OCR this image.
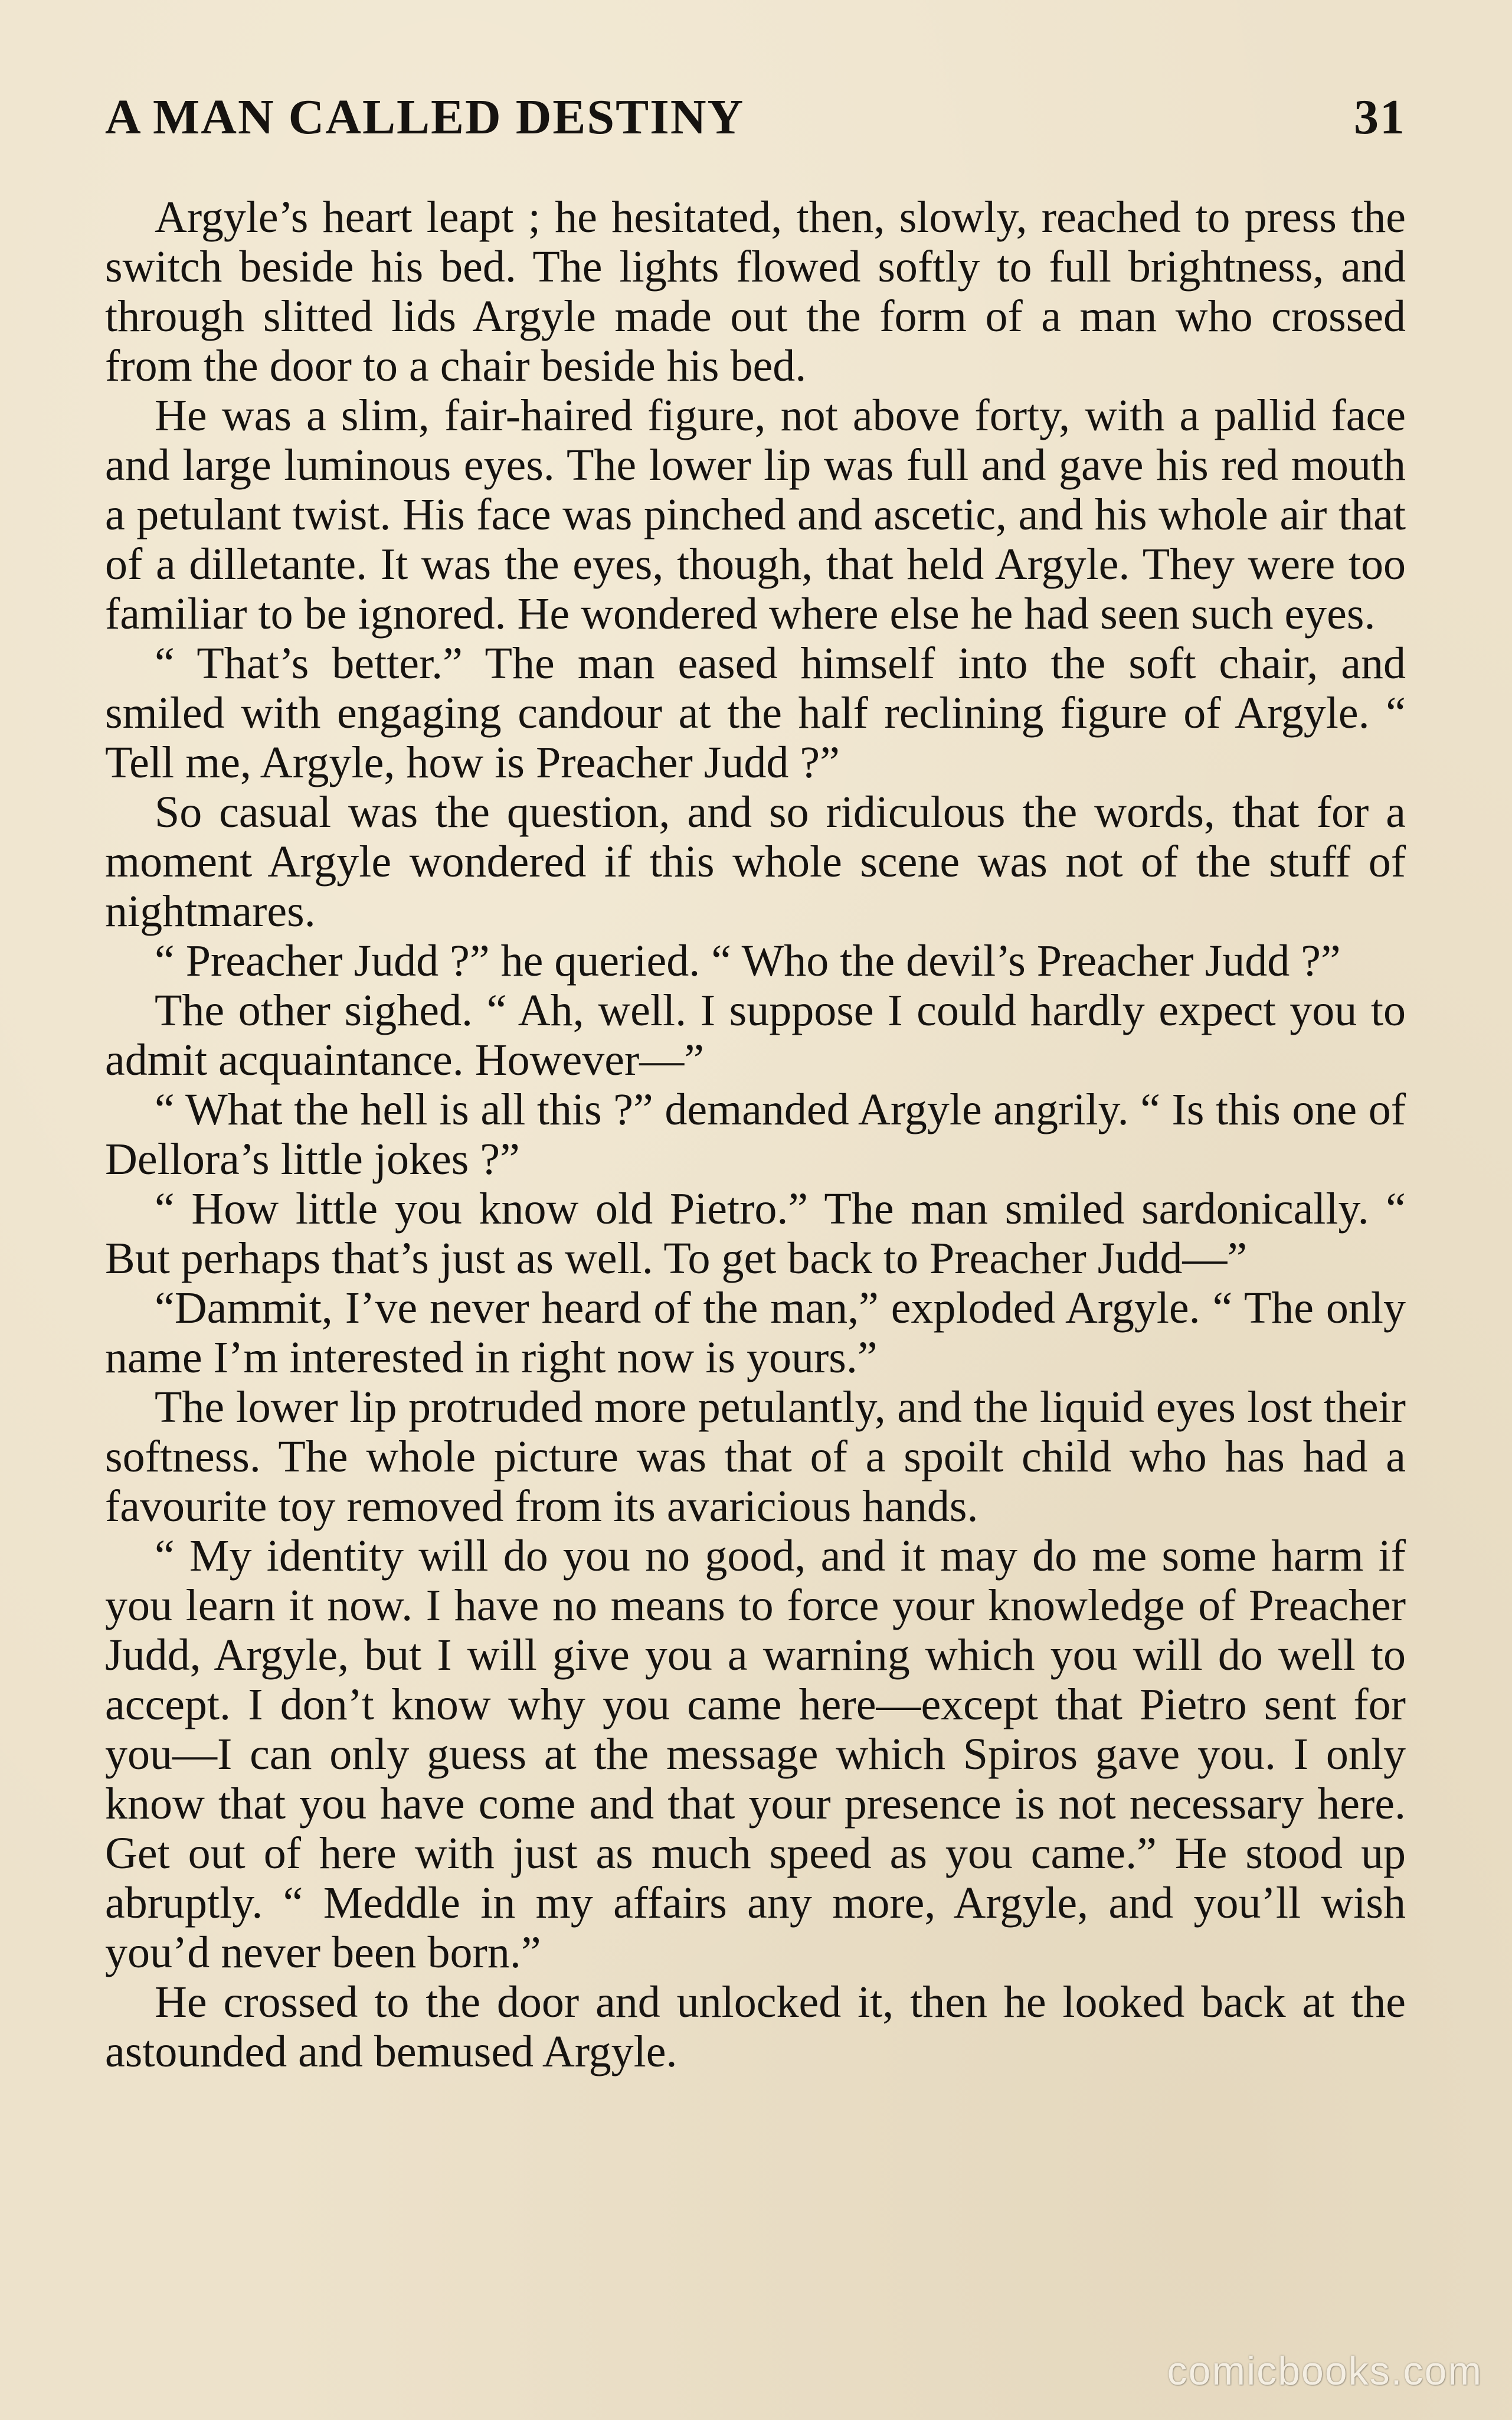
A MAN CALLED DESTINY	31

Argyle’s heart leapt ; he hesitated, then, slowly, reached to press the switch beside his bed. The lights flowed softly to full brightness, and through slitted lids Argyle made out the form of a man who crossed from the door to a chair beside his bed.

He was a slim, fair-haired figure, not above forty, with a pallid face and large luminous eyes. The lower lip was full and gave his red mouth a petulant twist. His face was pinched and ascetic, and his whole air that of a dilletante. It was the eyes, though, that held Argyle. They were too familiar to be ignored. He wondered where else he had seen such eyes.

“ That’s better.” The man eased himself into the soft chair, and smiled with engaging candour at the half reclining figure of Argyle. “ Tell me, Argyle, how is Preacher Judd ?”

So casual was the question, and so ridiculous the words, that for a moment Argyle wondered if this whole scene was not of the stuff of nightmares.

“ Preacher Judd ?” he queried. “ Who the devil’s Preacher Judd ?”

The other sighed. “ Ah, well. I suppose I could hardly expect you to admit acquaintance. However—”

“ What the hell is all this ?” demanded Argyle angrily. “ Is this one of Dellora’s little jokes ?”

“ How little you know old Pietro.” The man smiled sardonically. “ But perhaps that’s just as well. To get back to Preacher Judd—”

“Dammit, I’ve never heard of the man,” exploded Argyle. “ The only name I’m interested in right now is yours.”

The lower lip protruded more petulantly, and the liquid eyes lost their softness. The whole picture was that of a spoilt child who has had a favourite toy removed from its avaricious hands.

“ My identity will do you no good, and it may do me some harm if you learn it now. I have no means to force your knowledge of Preacher Judd, Argyle, but I will give you a warning which you will do well to accept. I don’t know why you came here—except that Pietro sent for you—I can only guess at the message which Spiros gave you. I only know that you have come and that your presence is not necessary here. Get out of here with just as much speed as you came.” He stood up abruptly. “ Meddle in my affairs any more, Argyle, and you’ll wish you’d never been born.”

He crossed to the door and unlocked it, then he looked back at the astounded and bemused Argyle.

comicbooks.com
